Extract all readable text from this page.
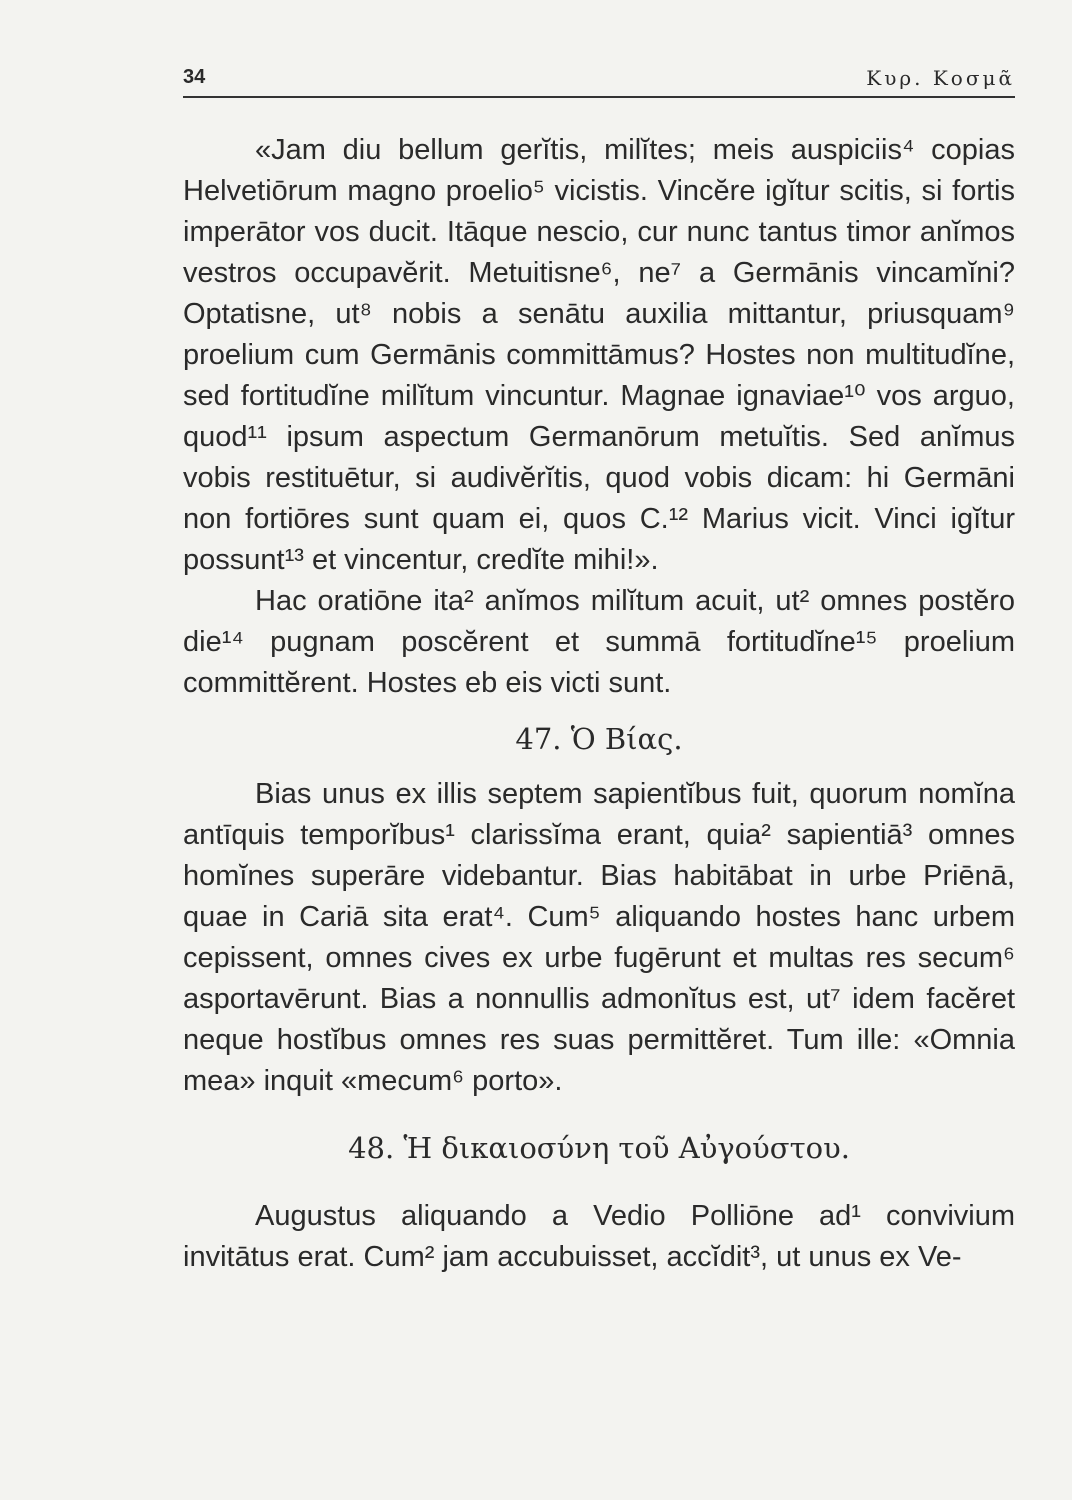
34	Κυρ. Κοσμᾶ

«Jam diu bellum gerĭtis, milĭtes; meis auspiciis⁴ copias Helvetiōrum magno proelio⁵ vicistis. Vincĕre igĭtur scitis, si fortis imperātor vos ducit. Itāque nescio, cur nunc tantus timor anĭmos vestros occupavĕrit. Metuitisne⁶, ne⁷ a Germānis vincamĭni? Optatisne, ut⁸ nobis a senātu auxilia mittantur, priusquam⁹ proelium cum Germānis committāmus? Hostes non multitudĭne, sed fortitudĭne milĭtum vincuntur. Magnae ignaviae¹⁰ vos arguo, quod¹¹ ipsum aspectum Germanōrum metuĭtis. Sed anĭmus vobis restituētur, si audivĕrĭtis, quod vobis dicam: hi Germāni non fortiōres sunt quam ei, quos C.¹² Marius vicit. Vinci igĭtur possunt¹³ et vincentur, credĭte mihi!».

Hac oratiōne ita² anĭmos milĭtum acuit, ut² omnes postĕro die¹⁴ pugnam poscĕrent et summā fortitudĭne¹⁵ proelium committĕrent. Hostes eb eis victi sunt.

47. Ὁ Βίας.

Bias unus ex illis septem sapientĭbus fuit, quorum nomĭna antīquis temporĭbus¹ clarissĭma erant, quia² sapientiā³ omnes homĭnes superāre videbantur. Bias habitābat in urbe Priēnā, quae in Cariā sita erat⁴. Cum⁵ aliquando hostes hanc urbem cepissent, omnes cives ex urbe fugērunt et multas res secum⁶ asportavērunt. Bias a nonnullis admonĭtus est, ut⁷ idem facĕret neque hostĭbus omnes res suas permittĕret. Tum ille: «Omnia mea» inquit «mecum⁶ porto».

48. Ἡ δικαιοσύνη τοῦ Αὐγούστου.

Augustus aliquando a Vedio Polliōne ad¹ convivium invitātus erat. Cum² jam accubuisset, accĭdit³, ut unus ex Ve-
